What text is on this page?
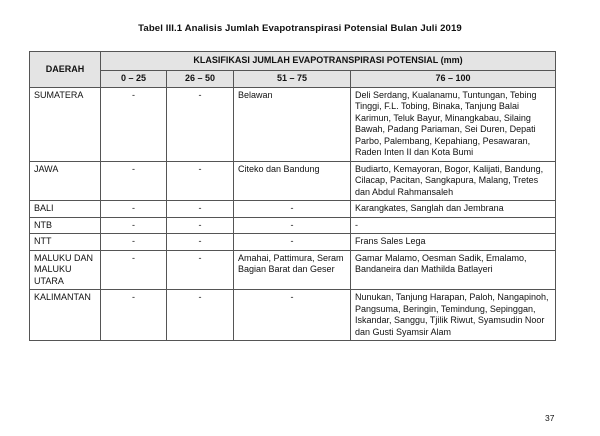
Tabel III.1 Analisis Jumlah Evapotranspirasi Potensial Bulan Juli 2019
DAERAH	KLASIFIKASI JUMLAH EVAPOTRANSPIRASI POTENSIAL (mm)			
	0 – 25	26 – 50	51 – 75	76 – 100
SUMATERA	-	-	Belawan	Deli Serdang, Kualanamu, Tuntungan, Tebing Tinggi, F.L. Tobing, Binaka, Tanjung Balai Karimun, Teluk Bayur, Minangkabau, Silaing Bawah, Padang Pariaman, Sei Duren, Depati Parbo, Palembang, Kepahiang, Pesawaran, Raden Inten II dan Kota Bumi
JAWA	-	-	Citeko dan Bandung	Budiarto, Kemayoran, Bogor, Kalijati, Bandung, Cilacap, Pacitan, Sangkapura, Malang, Tretes dan Abdul Rahmansaleh
BALI	-	-	-	Karangkates, Sanglah dan Jembrana
NTB	-	-	-	-
NTT	-	-	-	Frans Sales Lega
MALUKU DAN MALUKU UTARA	-	-	Amahai, Pattimura, Seram Bagian Barat dan Geser	Gamar Malamo, Oesman Sadik, Emalamo, Bandaneira dan Mathilda Batlayeri
KALIMANTAN	-	-	-	Nunukan, Tanjung Harapan, Paloh, Nangapinoh, Pangsuma, Beringin, Temindung, Sepinggan, Iskandar, Sanggu, Tjilik Riwut, Syamsudin Noor dan Gusti Syamsir Alam
37
